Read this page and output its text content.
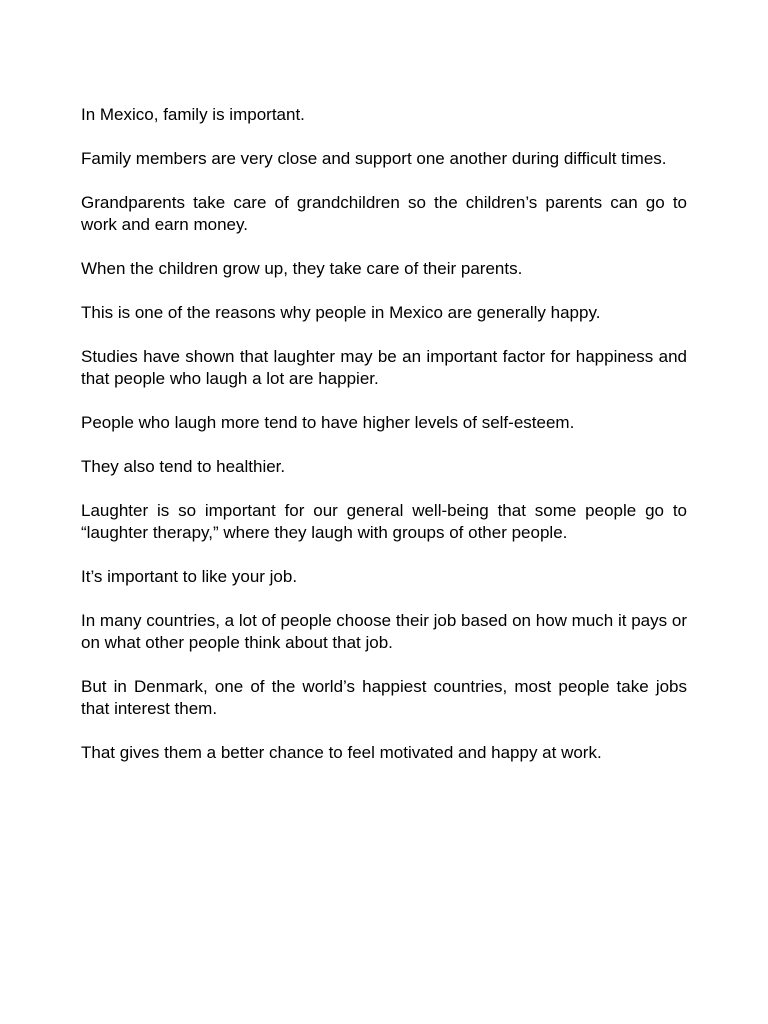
In Mexico, family is important.

Family members are very close and support one another during difficult times.

Grandparents take care of grandchildren so the children’s parents can go to work and earn money.

When the children grow up, they take care of their parents.

This is one of the reasons why people in Mexico are generally happy.

Studies have shown that laughter may be an important factor for happiness and that people who laugh a lot are happier.

People who laugh more tend to have higher levels of self-esteem.

They also tend to healthier.

Laughter is so important for our general well-being that some people go to “laughter therapy,” where they laugh with groups of other people.

It’s important to like your job.

In many countries, a lot of people choose their job based on how much it pays or on what other people think about that job.

But in Denmark, one of the world’s happiest countries, most people take jobs that interest them.

That gives them a better chance to feel motivated and happy at work.
